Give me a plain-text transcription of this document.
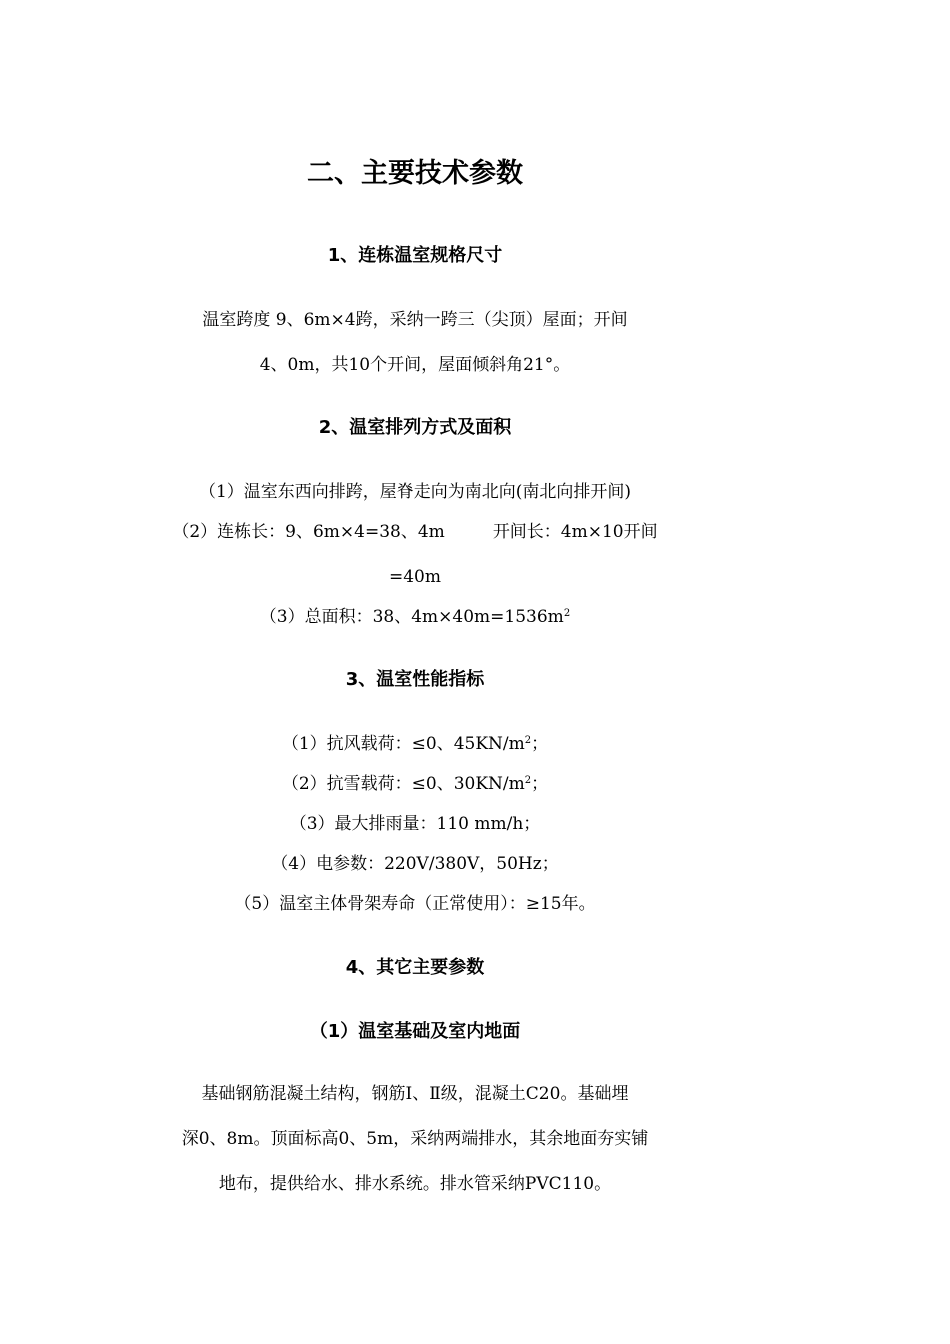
二、主要技术参数
1、连栋温室规格尺寸
温室跨度 9、6m×4跨，采纳一跨三（尖顶）屋面；开间
4、0m，共10个开间，屋面倾斜角21°。
2、温室排列方式及面积
（1）温室东西向排跨，屋脊走向为南北向(南北向排开间)
（2）连栋长：9、6m×4=38、4m	开间长：4m×10开间
=40m
（3）总面积：38、$4m\times 40m=1536m^2$
3、温室性能指标
（1）抗风载荷：≤0、$45KN/m^2$；
（2）抗雪载荷：≤0、$30KN/m^2$；
（3）最大排雨量：110 mm/h；
（4）电参数：220V/380V，50Hz；
（5）温室主体骨架寿命（正常使用）：≥15年。
4、其它主要参数
（1）温室基础及室内地面
基础钢筋混凝土结构，钢筋Ⅰ、Ⅱ级，混凝土C20。基础埋
深0、8m。顶面标高0、5m，采纳两端排水，其余地面夯实铺
地布，提供给水、排水系统。排水管采纳PVC110。
